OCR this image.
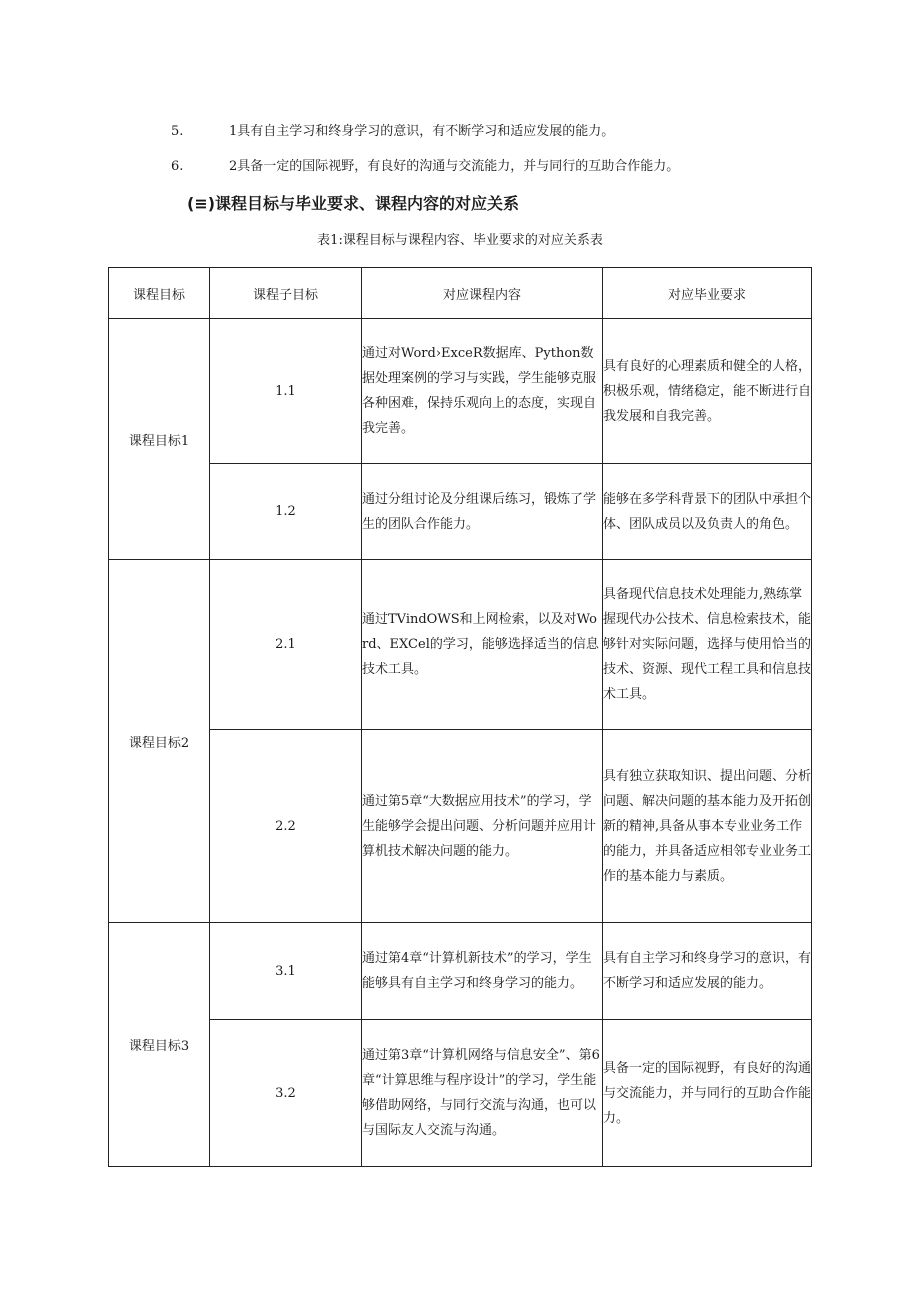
5.	1具有自主学习和终身学习的意识，有不断学习和适应发展的能力。
6.	2具备一定的国际视野，有良好的沟通与交流能力，并与同行的互助合作能力。
(≡)课程目标与毕业要求、课程内容的对应关系
表1:课程目标与课程内容、毕业要求的对应关系表
课程目标	课程子目标	对应课程内容	对应毕业要求
课程目标1	1.1	通过对Word›ExceR数据库、Python数据处理案例的学习与实践，学生能够克服各种困难，保持乐观向上的态度，实现自我完善。	具有良好的心理素质和健全的人格，积极乐观，情绪稳定，能不断进行自我发展和自我完善。
	1.2	通过分组讨论及分组课后练习，锻炼了学生的团队合作能力。	能够在多学科背景下的团队中承担个体、团队成员以及负责人的角色。
课程目标2	2.1	通过TVindOWS和上网检索，以及对Word、EXCel的学习，能够选择适当的信息技术工具。	具备现代信息技术处理能力,熟练掌握现代办公技术、信息检索技术，能够针对实际问题，选择与使用恰当的技术、资源、现代工程工具和信息技术工具。
	2.2	通过第5章“大数据应用技术”的学习，学生能够学会提出问题、分析问题并应用计算机技术解决问题的能力。	具有独立获取知识、提出问题、分析问题、解决问题的基本能力及开拓创新的精神,具备从事本专业业务工作的能力，并具备适应相邻专业业务工作的基本能力与素质。
课程目标3	3.1	通过第4章“计算机新技术”的学习，学生能够具有自主学习和终身学习的能力。	具有自主学习和终身学习的意识，有不断学习和适应发展的能力。
	3.2	通过第3章“计算机网络与信息安全”、第6章“计算思维与程序设计”的学习，学生能够借助网络，与同行交流与沟通，也可以与国际友人交流与沟通。	具备一定的国际视野，有良好的沟通与交流能力，并与同行的互助合作能力。
